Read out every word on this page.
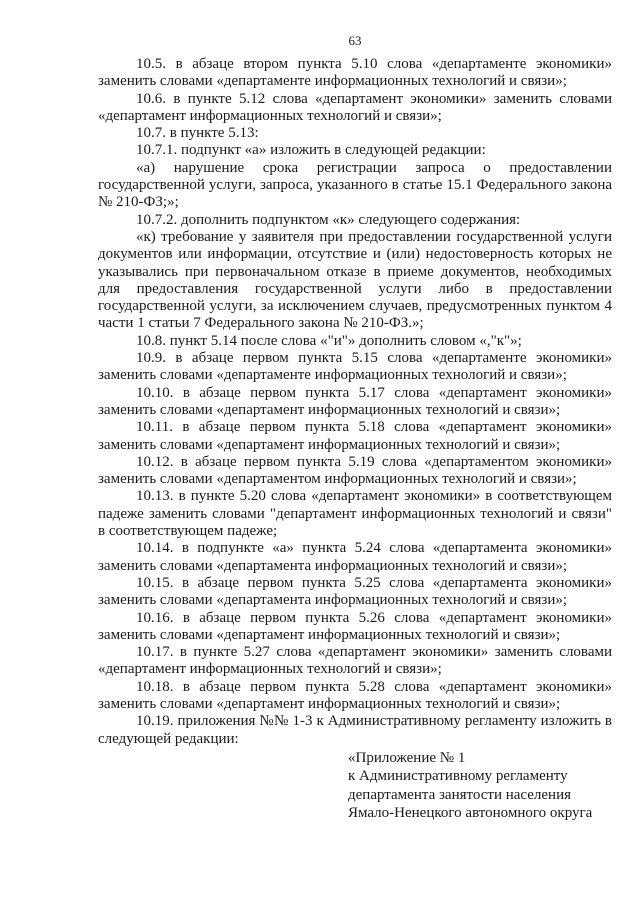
63

10.5. в абзаце втором пункта 5.10 слова «департаменте экономики» заменить словами «департаменте информационных технологий и связи»;

10.6. в пункте 5.12 слова «департамент экономики» заменить словами «департамент информационных технологий и связи»;

10.7. в пункте 5.13:

10.7.1. подпункт «а» изложить в следующей редакции:

«а) нарушение срока регистрации запроса о предоставлении государственной услуги, запроса, указанного в статье 15.1 Федерального закона № 210-ФЗ;»;

10.7.2. дополнить подпунктом «к» следующего содержания:

«к) требование у заявителя при предоставлении государственной услуги документов или информации, отсутствие и (или) недостоверность которых не указывались при первоначальном отказе в приеме документов, необходимых для предоставления государственной услуги либо в предоставлении государственной услуги, за исключением случаев, предусмотренных пунктом 4 части 1 статьи 7 Федерального закона № 210-ФЗ.»;

10.8. пункт 5.14 после слова «"и"» дополнить словом «,"к"»;

10.9. в абзаце первом пункта 5.15 слова «департаменте экономики» заменить словами «департаменте информационных технологий и связи»;

10.10. в абзаце первом пункта 5.17 слова «департамент экономики» заменить словами «департамент информационных технологий и связи»;

10.11. в абзаце первом пункта 5.18 слова «департамент экономики» заменить словами «департамент информационных технологий и связи»;

10.12. в абзаце первом пункта 5.19 слова «департаментом экономики» заменить словами «департаментом информационных технологий и связи»;

10.13. в пункте 5.20 слова «департамент экономики» в соответствующем падеже заменить словами "департамент информационных технологий и связи" в соответствующем падеже;

10.14. в подпункте «а» пункта 5.24 слова «департамента экономики» заменить словами «департамента информационных технологий и связи»;

10.15. в абзаце первом пункта 5.25 слова «департамента экономики» заменить словами «департамента информационных технологий и связи»;

10.16. в абзаце первом пункта 5.26 слова «департамент экономики» заменить словами «департамент информационных технологий и связи»;

10.17. в пункте 5.27 слова «департамент экономики» заменить словами «департамент информационных технологий и связи»;

10.18. в абзаце первом пункта 5.28 слова «департамент экономики» заменить словами «департамент информационных технологий и связи»;

10.19. приложения №№ 1-3 к Административному регламенту изложить в следующей редакции:

«Приложение № 1
к Административному регламенту
департамента занятости населения
Ямало-Ненецкого автономного округа
